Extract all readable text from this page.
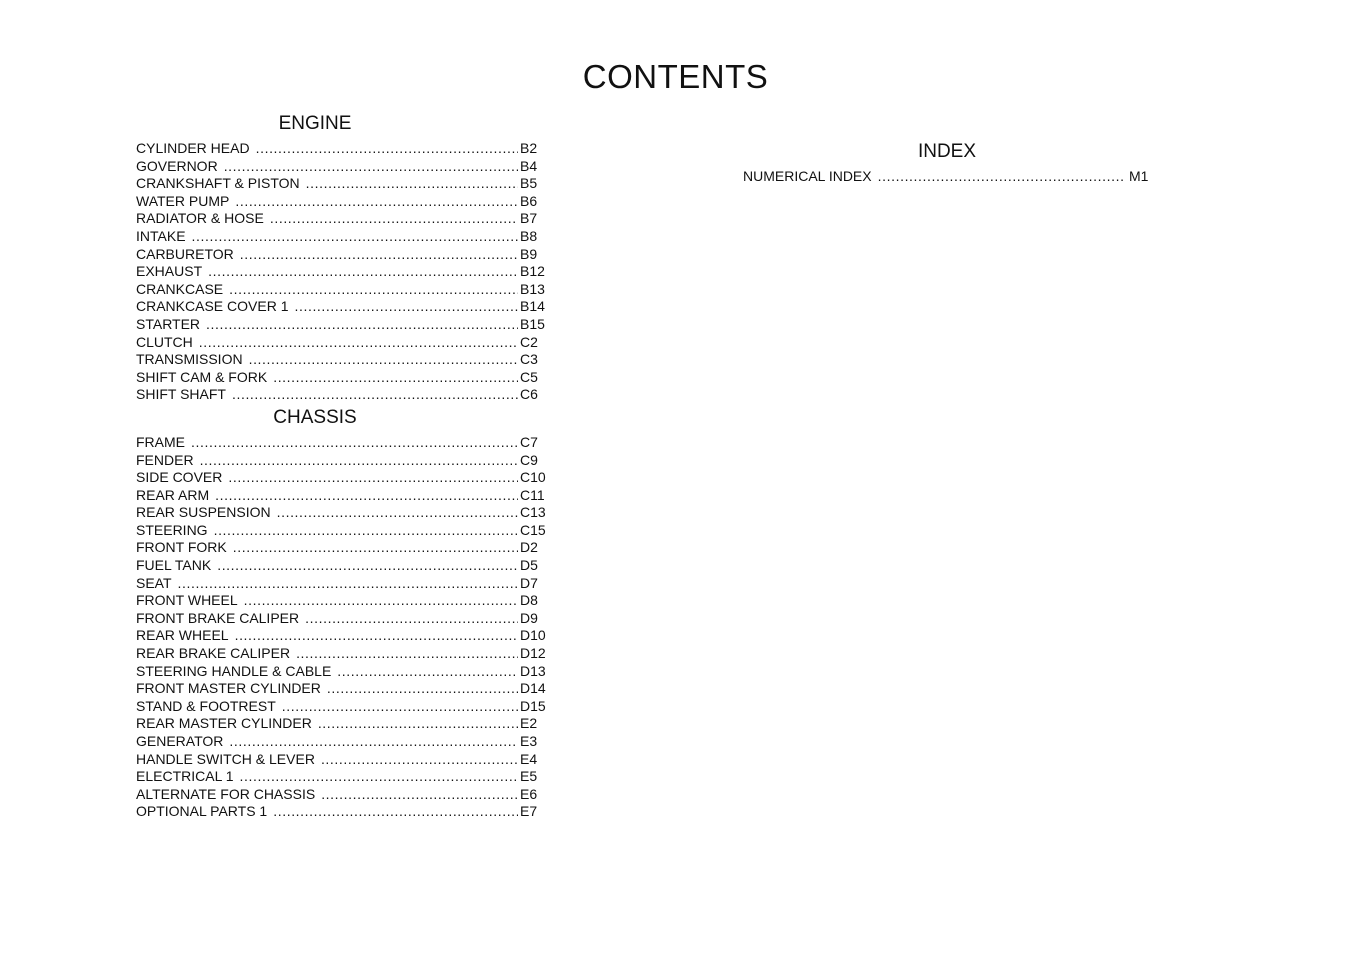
CONTENTS
ENGINE
CYLINDER HEAD .....	B2
GOVERNOR .....	B4
CRANKSHAFT & PISTON .....	B5
WATER PUMP .....	B6
RADIATOR & HOSE .....	B7
INTAKE .....	B8
CARBURETOR .....	B9
EXHAUST .....	B12
CRANKCASE .....	B13
CRANKCASE COVER 1 .....	B14
STARTER .....	B15
CLUTCH .....	C2
TRANSMISSION .....	C3
SHIFT CAM & FORK .....	C5
SHIFT SHAFT .....	C6
CHASSIS
FRAME .....	C7
FENDER .....	C9
SIDE COVER .....	C10
REAR ARM .....	C11
REAR SUSPENSION .....	C13
STEERING .....	C15
FRONT FORK .....	D2
FUEL TANK .....	D5
SEAT .....	D7
FRONT WHEEL .....	D8
FRONT BRAKE CALIPER .....	D9
REAR WHEEL .....	D10
REAR BRAKE CALIPER .....	D12
STEERING HANDLE & CABLE .....	D13
FRONT MASTER CYLINDER .....	D14
STAND & FOOTREST .....	D15
REAR MASTER CYLINDER .....	E2
GENERATOR .....	E3
HANDLE SWITCH & LEVER .....	E4
ELECTRICAL 1 .....	E5
ALTERNATE FOR CHASSIS .....	E6
OPTIONAL PARTS 1 .....	E7
INDEX
NUMERICAL INDEX .....	M1
